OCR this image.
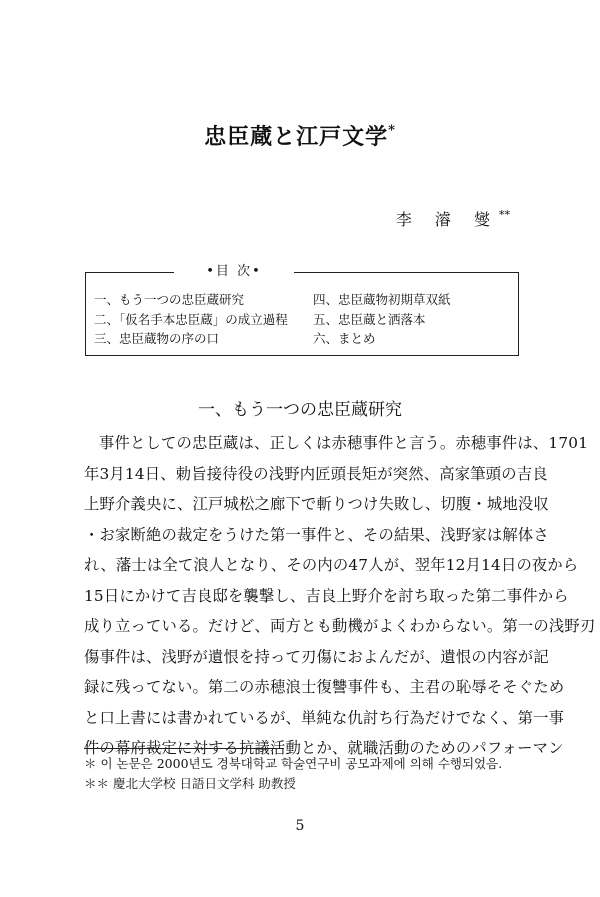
忠臣蔵と江戸文学*
李 濬 燮**
•目 次•
一、もう一つの忠臣蔵研究
二、「仮名手本忠臣蔵」の成立過程
三、忠臣蔵物の序の口
四、忠臣蔵物初期草双紙
五、忠臣蔵と洒落本
六、まとめ
一、もう一つの忠臣蔵研究
事件としての忠臣蔵は、正しくは赤穂事件と言う。赤穂事件は、1701
年3月14日、勅旨接待役の浅野内匠頭長矩が突然、高家筆頭の吉良
上野介義央に、江戸城松之廊下で斬りつけ失敗し、切腹・城地没収
・お家断絶の裁定をうけた第一事件と、その結果、浅野家は解体さ
れ、藩士は全て浪人となり、その内の47人が、翌年12月14日の夜から
15日にかけて吉良邸を襲撃し、吉良上野介を討ち取った第二事件から
成り立っている。だけど、両方とも動機がよくわからない。第一の浅野刃
傷事件は、浅野が遺恨を持って刃傷におよんだが、遺恨の内容が記
録に残ってない。第二の赤穂浪士復讐事件も、主君の恥辱そそぐため
と口上書には書かれているが、単純な仇討ち行為だけでなく、第一事
件の幕府裁定に対する抗議活動とか、就職活動のためのパフォーマン
＊ 이 논문은 2000년도 경북대학교 학술연구비 공모과제에 의해 수행되었음.
＊＊ 慶北大学校 日語日文学科 助教授
5
